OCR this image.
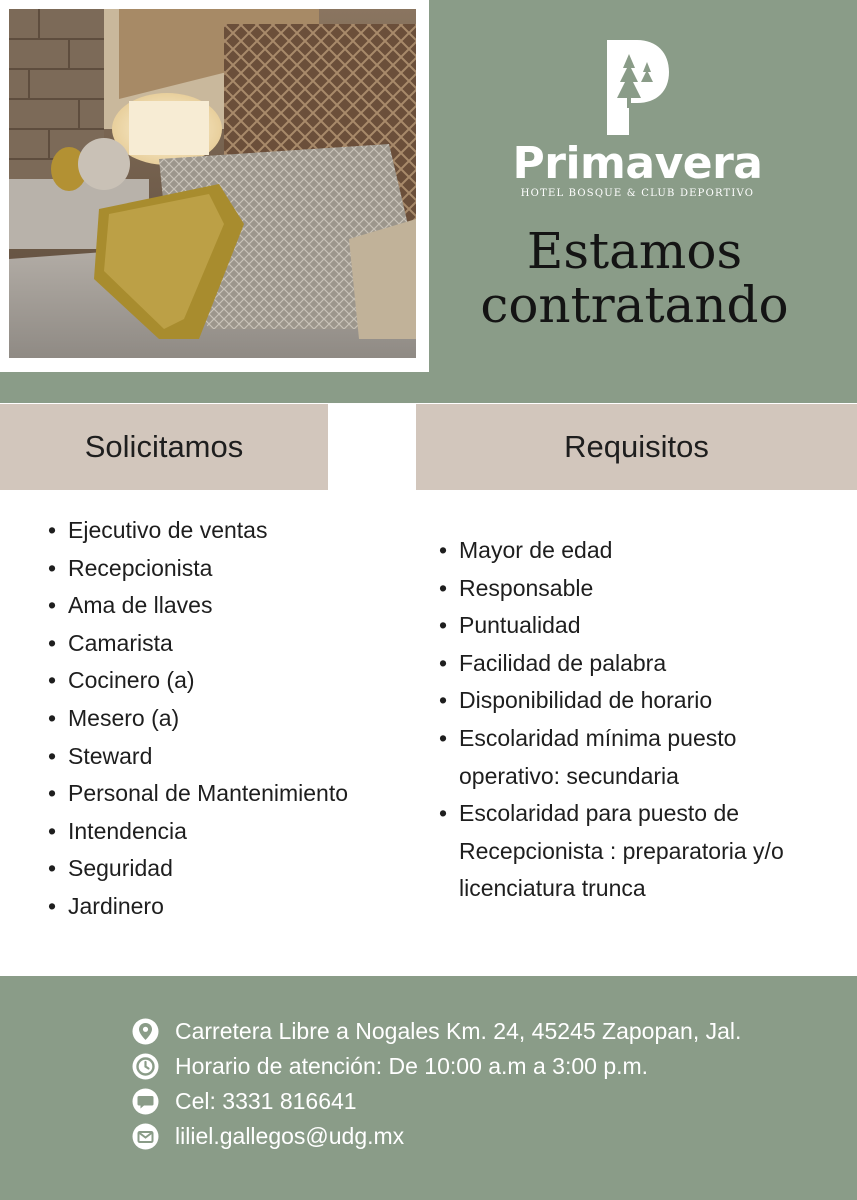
Primavera
HOTEL BOSQUE & CLUB DEPORTIVO
Estamos
contratando
Solicitamos	Requisitos
• Ejecutivo de ventas
• Recepcionista
• Ama de llaves
• Camarista
• Cocinero (a)
• Mesero (a)
• Steward
• Personal de Mantenimiento
• Intendencia
• Seguridad
• Jardinero
• Mayor de edad
• Responsable
• Puntualidad
• Facilidad de palabra
• Disponibilidad de horario
• Escolaridad mínima puesto operativo: secundaria
• Escolaridad para puesto de Recepcionista : preparatoria y/o licenciatura trunca
Carretera Libre a Nogales Km. 24, 45245 Zapopan, Jal.
Horario de atención: De 10:00 a.m a 3:00 p.m.
Cel: 3331 816641
liliel.gallegos@udg.mx
